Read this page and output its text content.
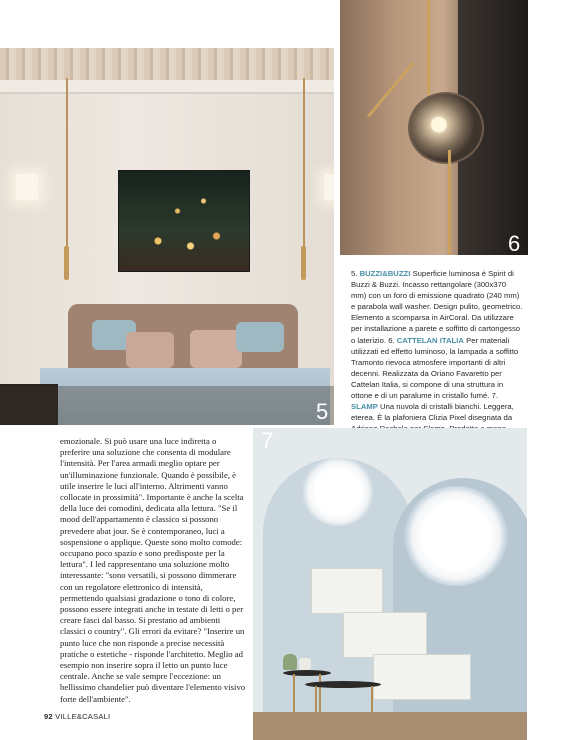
5
6
5. BUZZI&BUZZI Superficie luminosa è Spirit di Buzzi & Buzzi. Incasso rettangolare (300x370 mm) con un foro di emissione quadrato (240 mm) e parabola wall washer. Design pulito, geometrico. Elemento a scomparsa in AirCoral. Da utilizzare per installazione a parete e soffitto di cartongesso o laterizio. 6. CATTELAN ITALIA Per materiali utilizzati ed effetto luminoso, la lampada a soffitto Tramonto rievoca atmosfere importanti di altri decenni. Realizzata da Oriano Favaretto per Cattelan Italia, si compone di una struttura in ottone e di un paralume in cristallo fumé. 7. SLAMP Una nuvola di cristalli bianchi. Leggera, eterea. È la plafoniera Clizia Pixel disegnata da
emozionale. Si può usare una luce indiretta o preferire una soluzione che consenta di modulare l'intensità. Per l'area armadi meglio optare per un'illuminazione funzionale. Quando è possibile, è utile inserire le luci all'interno. Altrimenti vanno collocate in prossimità". Importante è anche la scelta della luce dei comodini, dedicata alla lettura. "Se il mood dell'appartamento è classico si possono prevedere abat jour. Se è contemporaneo, luci a sospensione o applique. Queste sono molto comode: occupano poco spazio e sono predisposte per la lettura". I led rappresentano una soluzione molto interessante: "sono versatili, si possono dimmerare con un regolatore elettronico di intensità, permettendo qualsiasi gradazione o tono di colore, possono essere integrati anche in testate di letti o per creare fasci dal basso. Si prestano ad ambienti classici o country". Gli errori da evitare? "Inserire un punto luce che non risponde a precise necessità pratiche o estetiche - risponde l'architetto. Meglio ad esempio non inserire sopra il letto un punto luce centrale. Anche se vale sempre l'eccezione: un bellissimo chandelier può diventare l'elemento visivo forte dell'ambiente".
7
92 VILLE&CASALI
